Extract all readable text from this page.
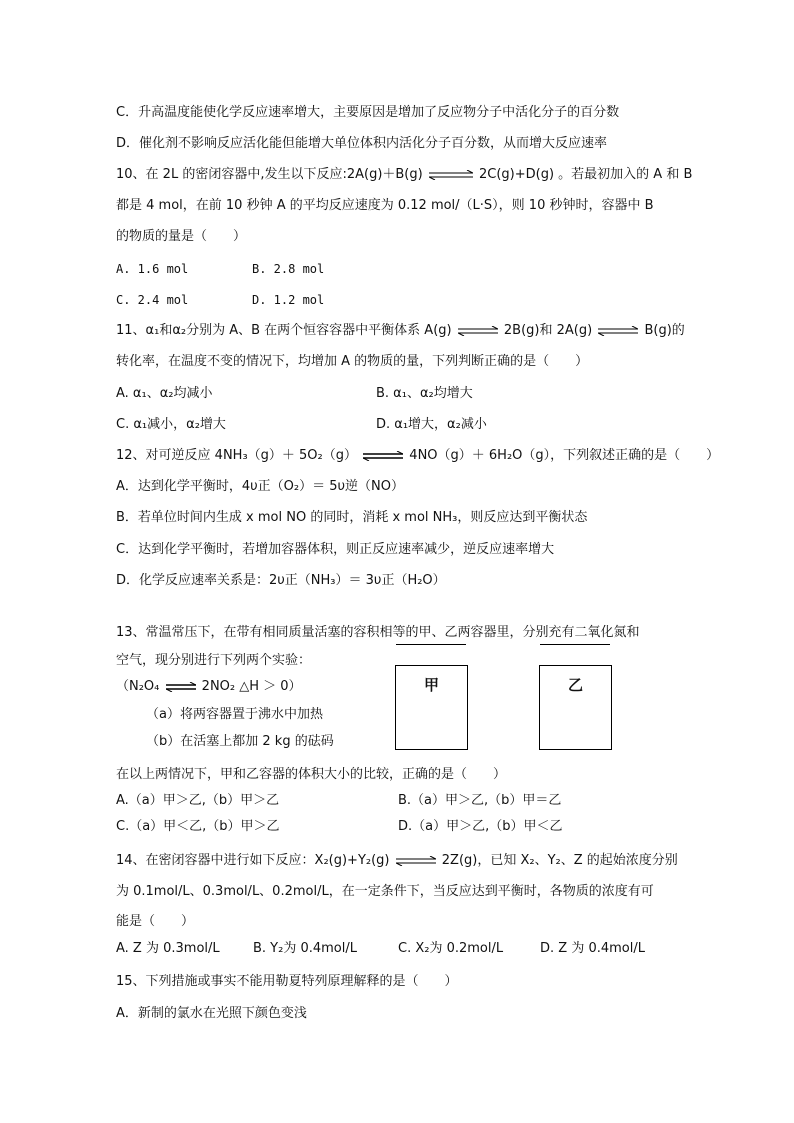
C．升高温度能使化学反应速率增大，主要原因是增加了反应物分子中活化分子的百分数
D．催化剂不影响反应活化能但能增大单位体积内活化分子百分数，从而增大反应速率
10、在 2L 的密闭容器中,发生以下反应:2A(g)＋B(g) ⇌ 2C(g)+D(g) 。若最初加入的 A 和 B
都是 4 mol，在前 10 秒钟 A 的平均反应速度为 0.12 mol/（L·S），则 10 秒钟时，容器中 B
的物质的量是（　　）
A. 1.6 mol	B. 2.8 mol
C. 2.4 mol	D. 1.2 mol
11、α₁和α₂分别为 A、B 在两个恒容容器中平衡体系 A(g) ⇌ 2B(g)和 2A(g) ⇌ B(g)的
转化率，在温度不变的情况下，均增加 A 的物质的量，下列判断正确的是（　　）
A. α₁、α₂均减小	B. α₁、α₂均增大
C. α₁减小，α₂增大	D. α₁增大，α₂减小
12、对可逆反应 4NH₃（g）＋ 5O₂（g） ⇌ 4NO（g）＋ 6H₂O（g），下列叙述正确的是（　　）
A．达到化学平衡时，4υ正（O₂）＝ 5υ逆（NO）
B．若单位时间内生成 x mol NO 的同时，消耗 x mol NH₃，则反应达到平衡状态
C．达到化学平衡时，若增加容器体积，则正反应速率减少，逆反应速率增大
D．化学反应速率关系是：2υ正（NH₃）＝ 3υ正（H₂O）
13、常温常压下，在带有相同质量活塞的容积相等的甲、乙两容器里，分别充有二氧化氮和
空气，现分别进行下列两个实验：
（N₂O₄ ⇌ 2NO₂ △H ＞ 0）
（a）将两容器置于沸水中加热
（b）在活塞上都加 2 kg 的砝码
甲	乙
在以上两情况下，甲和乙容器的体积大小的比较，正确的是（　　）
A.（a）甲＞乙,（b）甲＞乙	B.（a）甲＞乙,（b）甲＝乙
C.（a）甲＜乙,（b）甲＞乙	D.（a）甲＞乙,（b）甲＜乙
14、在密闭容器中进行如下反应：X₂(g)+Y₂(g) ⇌ 2Z(g)，已知 X₂、Y₂、Z 的起始浓度分别
为 0.1mol/L、0.3mol/L、0.2mol/L，在一定条件下，当反应达到平衡时，各物质的浓度有可
能是（　　）
A. Z 为 0.3mol/L	B. Y₂为 0.4mol/L	C. X₂为 0.2mol/L	D. Z 为 0.4mol/L
15、下列措施或事实不能用勒夏特列原理解释的是（　　）
A．新制的氯水在光照下颜色变浅
